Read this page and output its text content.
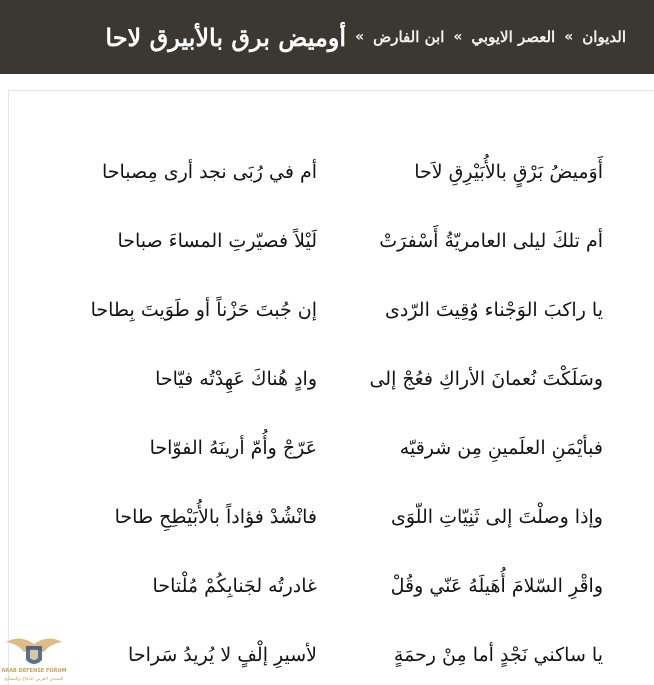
الديوان
»
العصر الايوبي
»
ابن الفارض
»
أوميض برق بالأبيرق لاحا
أَوَميضُ بَرْقٍ بالأُبَيْرِقِ لاَحا
أم في رُبَى نجد أرى مِصباحا
أم تلكَ ليلى العامريّةُ أَسْفرَتْ
لَيْلاً فصيّرتِ المساءَ صباحا
يا راكبَ الوَجْناء وُقِيتَ الرّدى
إن جُبتَ حَزْناً أو طَوَيتَ بِطاحا
وسَلَكْتَ نُعمانَ الأراكِ فعُجْ إلى
وادٍ هُناكَ عَهِدْتُه فيّاحا
فبأيْمَنِ العلَمينِ مِن شرقيّه
عَرّجْ وأُمّ أرينَهُ الفوّاحا
وإذا وصلْتَ إلى ثَنِيّاتِ اللّوَى
فانْشُدْ فؤاداً بالأُبَيْطِحِ طاحا
واقْرِ السّلامَ أُهَيلَهُ عَنّي وقُلْ
غادرتُه لجَنابِكُمْ مُلْتاحا
يا ساكني نَجْدٍ أما مِنْ رحمَةٍ
لأسيرِ إلْفٍ لا يُريدُ سَراحا
ARAB DEFENSE FORUM
المنتدى العربي للدفاع والتسليح
